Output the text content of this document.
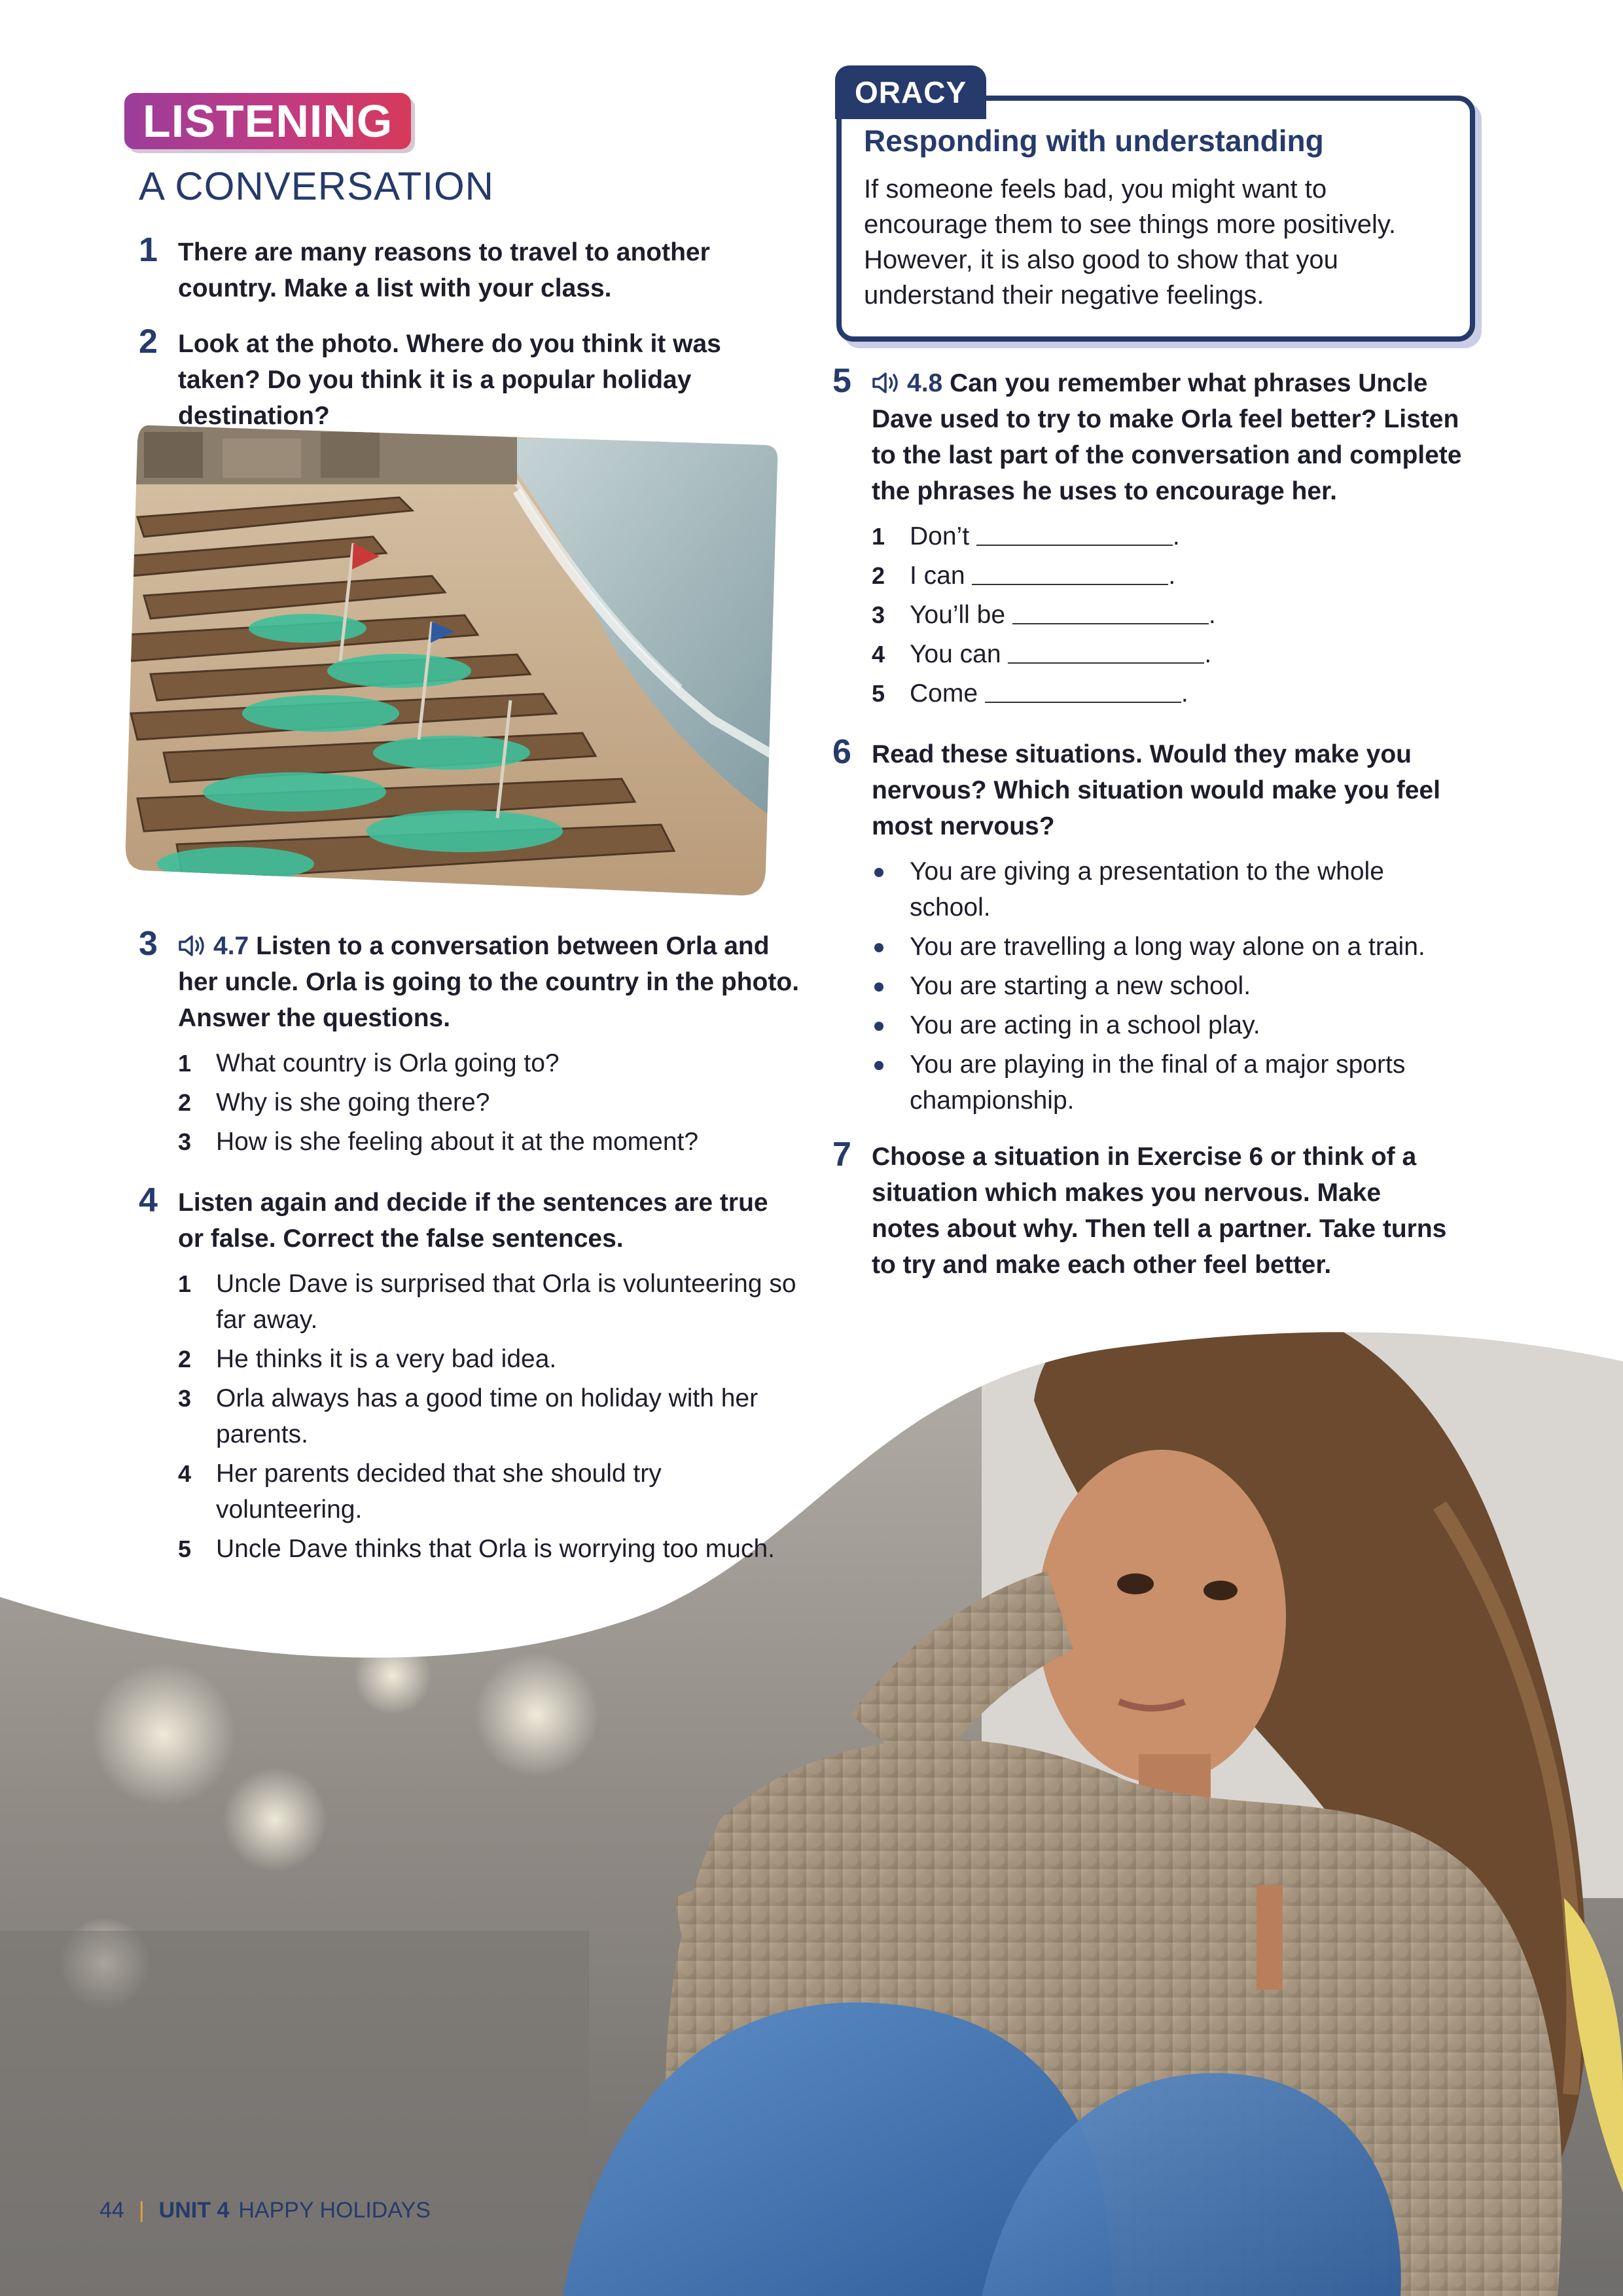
LISTENING
A CONVERSATION
1 There are many reasons to travel to another country. Make a list with your class.
2 Look at the photo. Where do you think it was taken? Do you think it is a popular holiday destination?
3	4.7 Listen to a conversation between Orla and her uncle. Orla is going to the country in the photo. Answer the questions.
1 What country is Orla going to?
2 Why is she going there?
3 How is she feeling about it at the moment?
4 Listen again and decide if the sentences are true or false. Correct the false sentences.
1 Uncle Dave is surprised that Orla is volunteering so far away.
2 He thinks it is a very bad idea.
3 Orla always has a good time on holiday with her parents.
4 Her parents decided that she should try volunteering.
5 Uncle Dave thinks that Orla is worrying too much.
ORACY
Responding with understanding
If someone feels bad, you might want to encourage them to see things more positively. However, it is also good to show that you understand their negative feelings.
5	4.8 Can you remember what phrases Uncle Dave used to try to make Orla feel better? Listen to the last part of the conversation and complete the phrases he uses to encourage her.
1 Don’t	.
2 I can	.
3 You’ll be	.
4 You can	.
5 Come	.
6 Read these situations. Would they make you nervous? Which situation would make you feel most nervous?
You are giving a presentation to the whole school.
You are travelling a long way alone on a train.
You are starting a new school.
You are acting in a school play.
You are playing in the final of a major sports championship.
7 Choose a situation in Exercise 6 or think of a situation which makes you nervous. Make notes about why. Then tell a partner. Take turns to try and make each other feel better.
44 | UNIT 4 HAPPY HOLIDAYS
